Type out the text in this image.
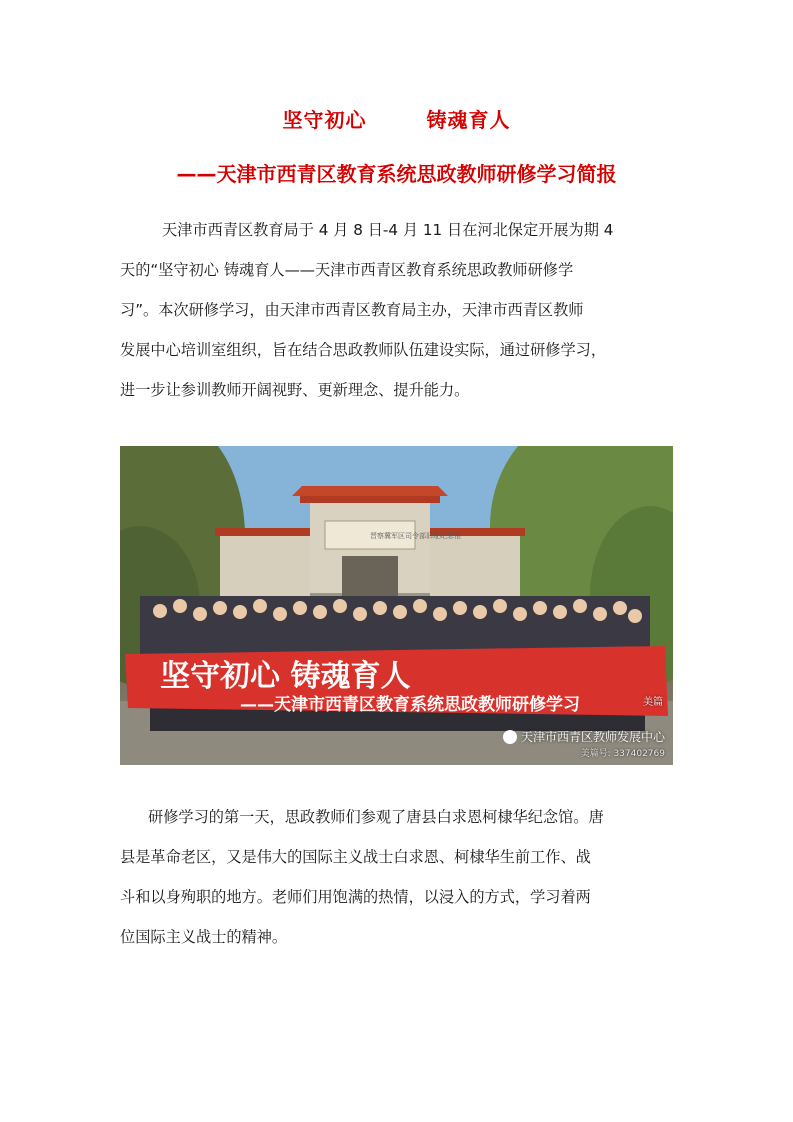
坚守初心	铸魂育人
——天津市西青区教育系统思政教师研修学习简报
天津市西青区教育局于 4 月 8 日-4 月 11 日在河北保定开展为期 4
天的“坚守初心 铸魂育人——天津市西青区教育系统思政教师研修学
习”。本次研修学习，由天津市西青区教育局主办，天津市西青区教师
发展中心培训室组织，旨在结合思政教师队伍建设实际，通过研修学习，
进一步让参训教师开阔视野、更新理念、提升能力。
坚守初心 铸魂育人
——天津市西青区教育系统思政教师研修学习
晋察冀军区司令部旧址纪念馆
美篇
天津市西青区教师发展中心
美篇号: 337402769
研修学习的第一天，思政教师们参观了唐县白求恩柯棣华纪念馆。唐
县是革命老区，又是伟大的国际主义战士白求恩、柯棣华生前工作、战
斗和以身殉职的地方。老师们用饱满的热情，以浸入的方式，学习着两
位国际主义战士的精神。
